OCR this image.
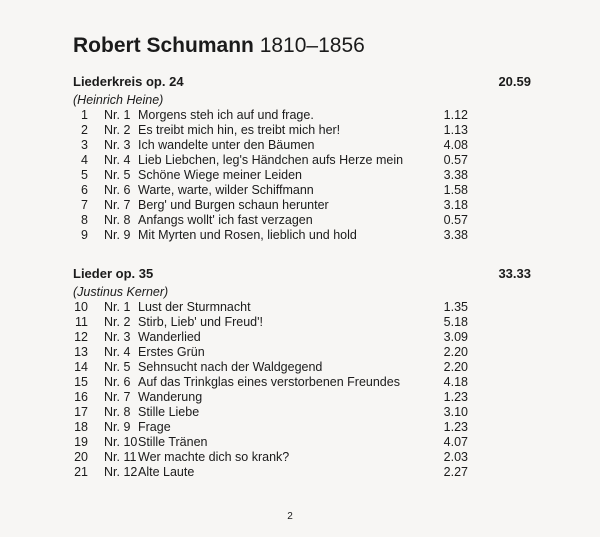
Robert Schumann 1810–1856
Liederkreis op. 24	20.59
(Heinrich Heine)
1 Nr. 1 Morgens steh ich auf und frage.	1.12
2 Nr. 2 Es treibt mich hin, es treibt mich her!	1.13
3 Nr. 3 Ich wandelte unter den Bäumen	4.08
4 Nr. 4 Lieb Liebchen, leg's Händchen aufs Herze mein	0.57
5 Nr. 5 Schöne Wiege meiner Leiden	3.38
6 Nr. 6 Warte, warte, wilder Schiffmann	1.58
7 Nr. 7 Berg' und Burgen schaun herunter	3.18
8 Nr. 8 Anfangs wollt' ich fast verzagen	0.57
9 Nr. 9 Mit Myrten und Rosen, lieblich und hold	3.38
Lieder op. 35	33.33
(Justinus Kerner)
10 Nr. 1 Lust der Sturmnacht	1.35
11 Nr. 2 Stirb, Lieb' und Freud'!	5.18
12 Nr. 3 Wanderlied	3.09
13 Nr. 4 Erstes Grün	2.20
14 Nr. 5 Sehnsucht nach der Waldgegend	2.20
15 Nr. 6 Auf das Trinkglas eines verstorbenen Freundes	4.18
16 Nr. 7 Wanderung	1.23
17 Nr. 8 Stille Liebe	3.10
18 Nr. 9 Frage	1.23
19 Nr. 10 Stille Tränen	4.07
20 Nr. 11 Wer machte dich so krank?	2.03
21 Nr. 12 Alte Laute	2.27
2
